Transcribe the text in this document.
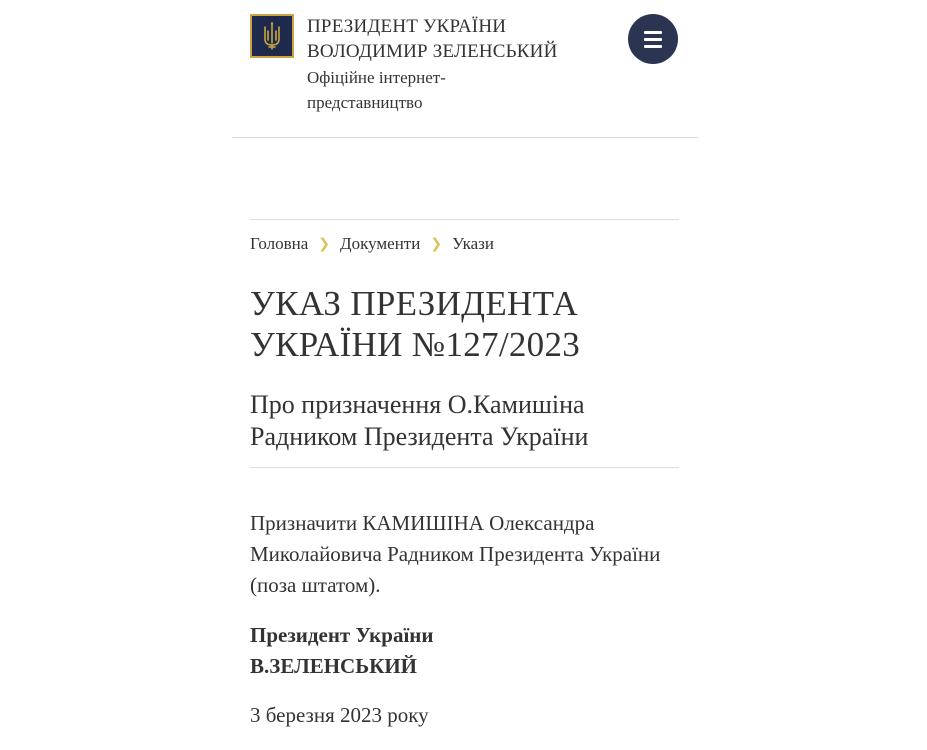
ПРЕЗИДЕНТ УКРАЇНИ
ВОЛОДИМИР ЗЕЛЕНСЬКИЙ
Офіційне інтернет-представництво
Головна ❯ Документи ❯ Укази
УКАЗ ПРЕЗИДЕНТА УКРАЇНИ №127/2023
Про призначення О.Камишіна Радником Президента України

Призначити КАМИШІНА Олександра Миколайовича Радником Президента України (поза штатом).

Президент України
В.ЗЕЛЕНСЬКИЙ
3 березня 2023 року
